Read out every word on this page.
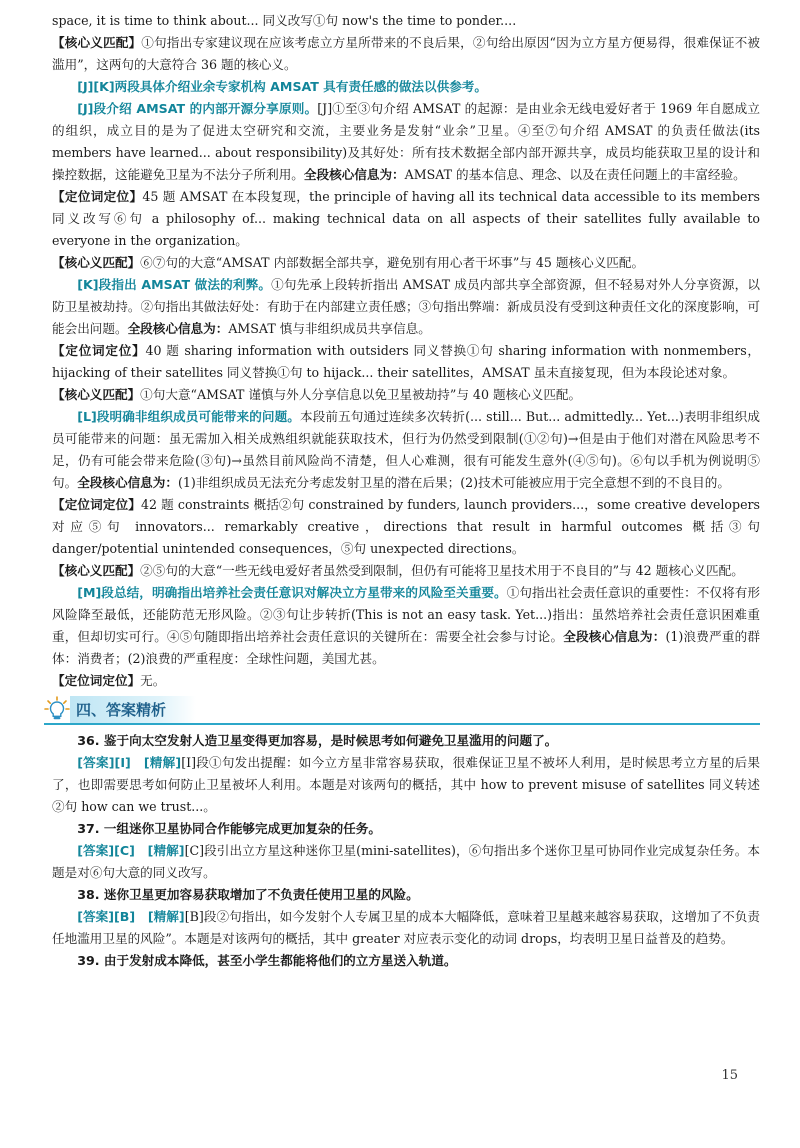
space, it is time to think about... 同义改写①句 now's the time to ponder....

【核心义匹配】①句指出专家建议现在应该考虑立方星所带来的不良后果，②句给出原因“因为立方星方便易得，很难保证不被滥用”，这两句的大意符合 36 题的核心义。

[J][K]两段具体介绍业余专家机构 AMSAT 具有责任感的做法以供参考。

[J]段介绍 AMSAT 的内部开源分享原则。[J]①至③句介绍 AMSAT 的起源：是由业余无线电爱好者于 1969 年自愿成立的组织，成立目的是为了促进太空研究和交流，主要业务是发射“业余”卫星。④至⑦句介绍 AMSAT 的负责任做法(its members have learned... about responsibility)及其好处：所有技术数据全部内部开源共享，成员均能获取卫星的设计和操控数据，这能避免卫星为不法分子所利用。全段核心信息为：AMSAT 的基本信息、理念、以及在责任问题上的丰富经验。

【定位词定位】45 题 AMSAT 在本段复现，the principle of having all its technical data accessible to its members 同义改写⑥句 a philosophy of... making technical data on all aspects of their satellites fully available to everyone in the organization。

【核心义匹配】⑥⑦句的大意“AMSAT 内部数据全部共享，避免别有用心者干坏事”与 45 题核心义匹配。

[K]段指出 AMSAT 做法的利弊。①句先承上段转折指出 AMSAT 成员内部共享全部资源，但不轻易对外人分享资源，以防卫星被劫持。②句指出其做法好处：有助于在内部建立责任感；③句指出弊端：新成员没有受到这种责任文化的深度影响，可能会出问题。全段核心信息为：AMSAT 慎与非组织成员共享信息。

【定位词定位】40 题 sharing information with outsiders 同义替换①句 sharing information with nonmembers，hijacking of their satellites 同义替换①句 to hijack... their satellites，AMSAT 虽未直接复现，但为本段论述对象。

【核心义匹配】①句大意“AMSAT 谨慎与外人分享信息以免卫星被劫持”与 40 题核心义匹配。

[L]段明确非组织成员可能带来的问题。本段前五句通过连续多次转折(... still... But... admittedly... Yet...)表明非组织成员可能带来的问题：虽无需加入相关成熟组织就能获取技术，但行为仍然受到限制(①②句)→但是由于他们对潜在风险思考不足，仍有可能会带来危险(③句)→虽然目前风险尚不清楚，但人心难测，很有可能发生意外(④⑤句)。⑥句以手机为例说明⑤句。全段核心信息为：(1)非组织成员无法充分考虑发射卫星的潜在后果；(2)技术可能被应用于完全意想不到的不良目的。

【定位词定位】42 题 constraints 概括②句 constrained by funders, launch providers...，some creative developers 对应⑤句 innovators... remarkably creative，directions that result in harmful outcomes 概括③句 danger/potential unintended consequences，⑤句 unexpected directions。

【核心义匹配】②⑤句的大意“一些无线电爱好者虽然受到限制，但仍有可能将卫星技术用于不良目的”与 42 题核心义匹配。

[M]段总结，明确指出培养社会责任意识对解决立方星带来的风险至关重要。①句指出社会责任意识的重要性：不仅将有形风险降至最低，还能防范无形风险。②③句让步转折(This is not an easy task. Yet...)指出：虽然培养社会责任意识困难重重，但却切实可行。④⑤句随即指出培养社会责任意识的关键所在：需要全社会参与讨论。全段核心信息为：(1)浪费严重的群体：消费者；(2)浪费的严重程度：全球性问题，美国尤甚。

【定位词定位】无。

四、答案精析

36. 鉴于向太空发射人造卫星变得更加容易，是时候思考如何避免卫星滥用的问题了。

[答案][I]　 [精解][I]段①句发出提醒：如今立方星非常容易获取，很难保证卫星不被坏人利用，是时候思考立方星的后果了，也即需要思考如何防止卫星被坏人利用。本题是对该两句的概括，其中 how to prevent misuse of satellites 同义转述②句 how can we trust...。

37. 一组迷你卫星协同合作能够完成更加复杂的任务。

[答案][C]　 [精解][C]段引出立方星这种迷你卫星(mini-satellites)，⑥句指出多个迷你卫星可协同作业完成复杂任务。本题是对⑥句大意的同义改写。

38. 迷你卫星更加容易获取增加了不负责任使用卫星的风险。

[答案][B]　 [精解][B]段②句指出，如今发射个人专属卫星的成本大幅降低，意味着卫星越来越容易获取，这增加了不负责任地滥用卫星的风险”。本题是对该两句的概括，其中 greater 对应表示变化的动词 drops，均表明卫星日益普及的趋势。

39. 由于发射成本降低，甚至小学生都能将他们的立方星送入轨道。

15
